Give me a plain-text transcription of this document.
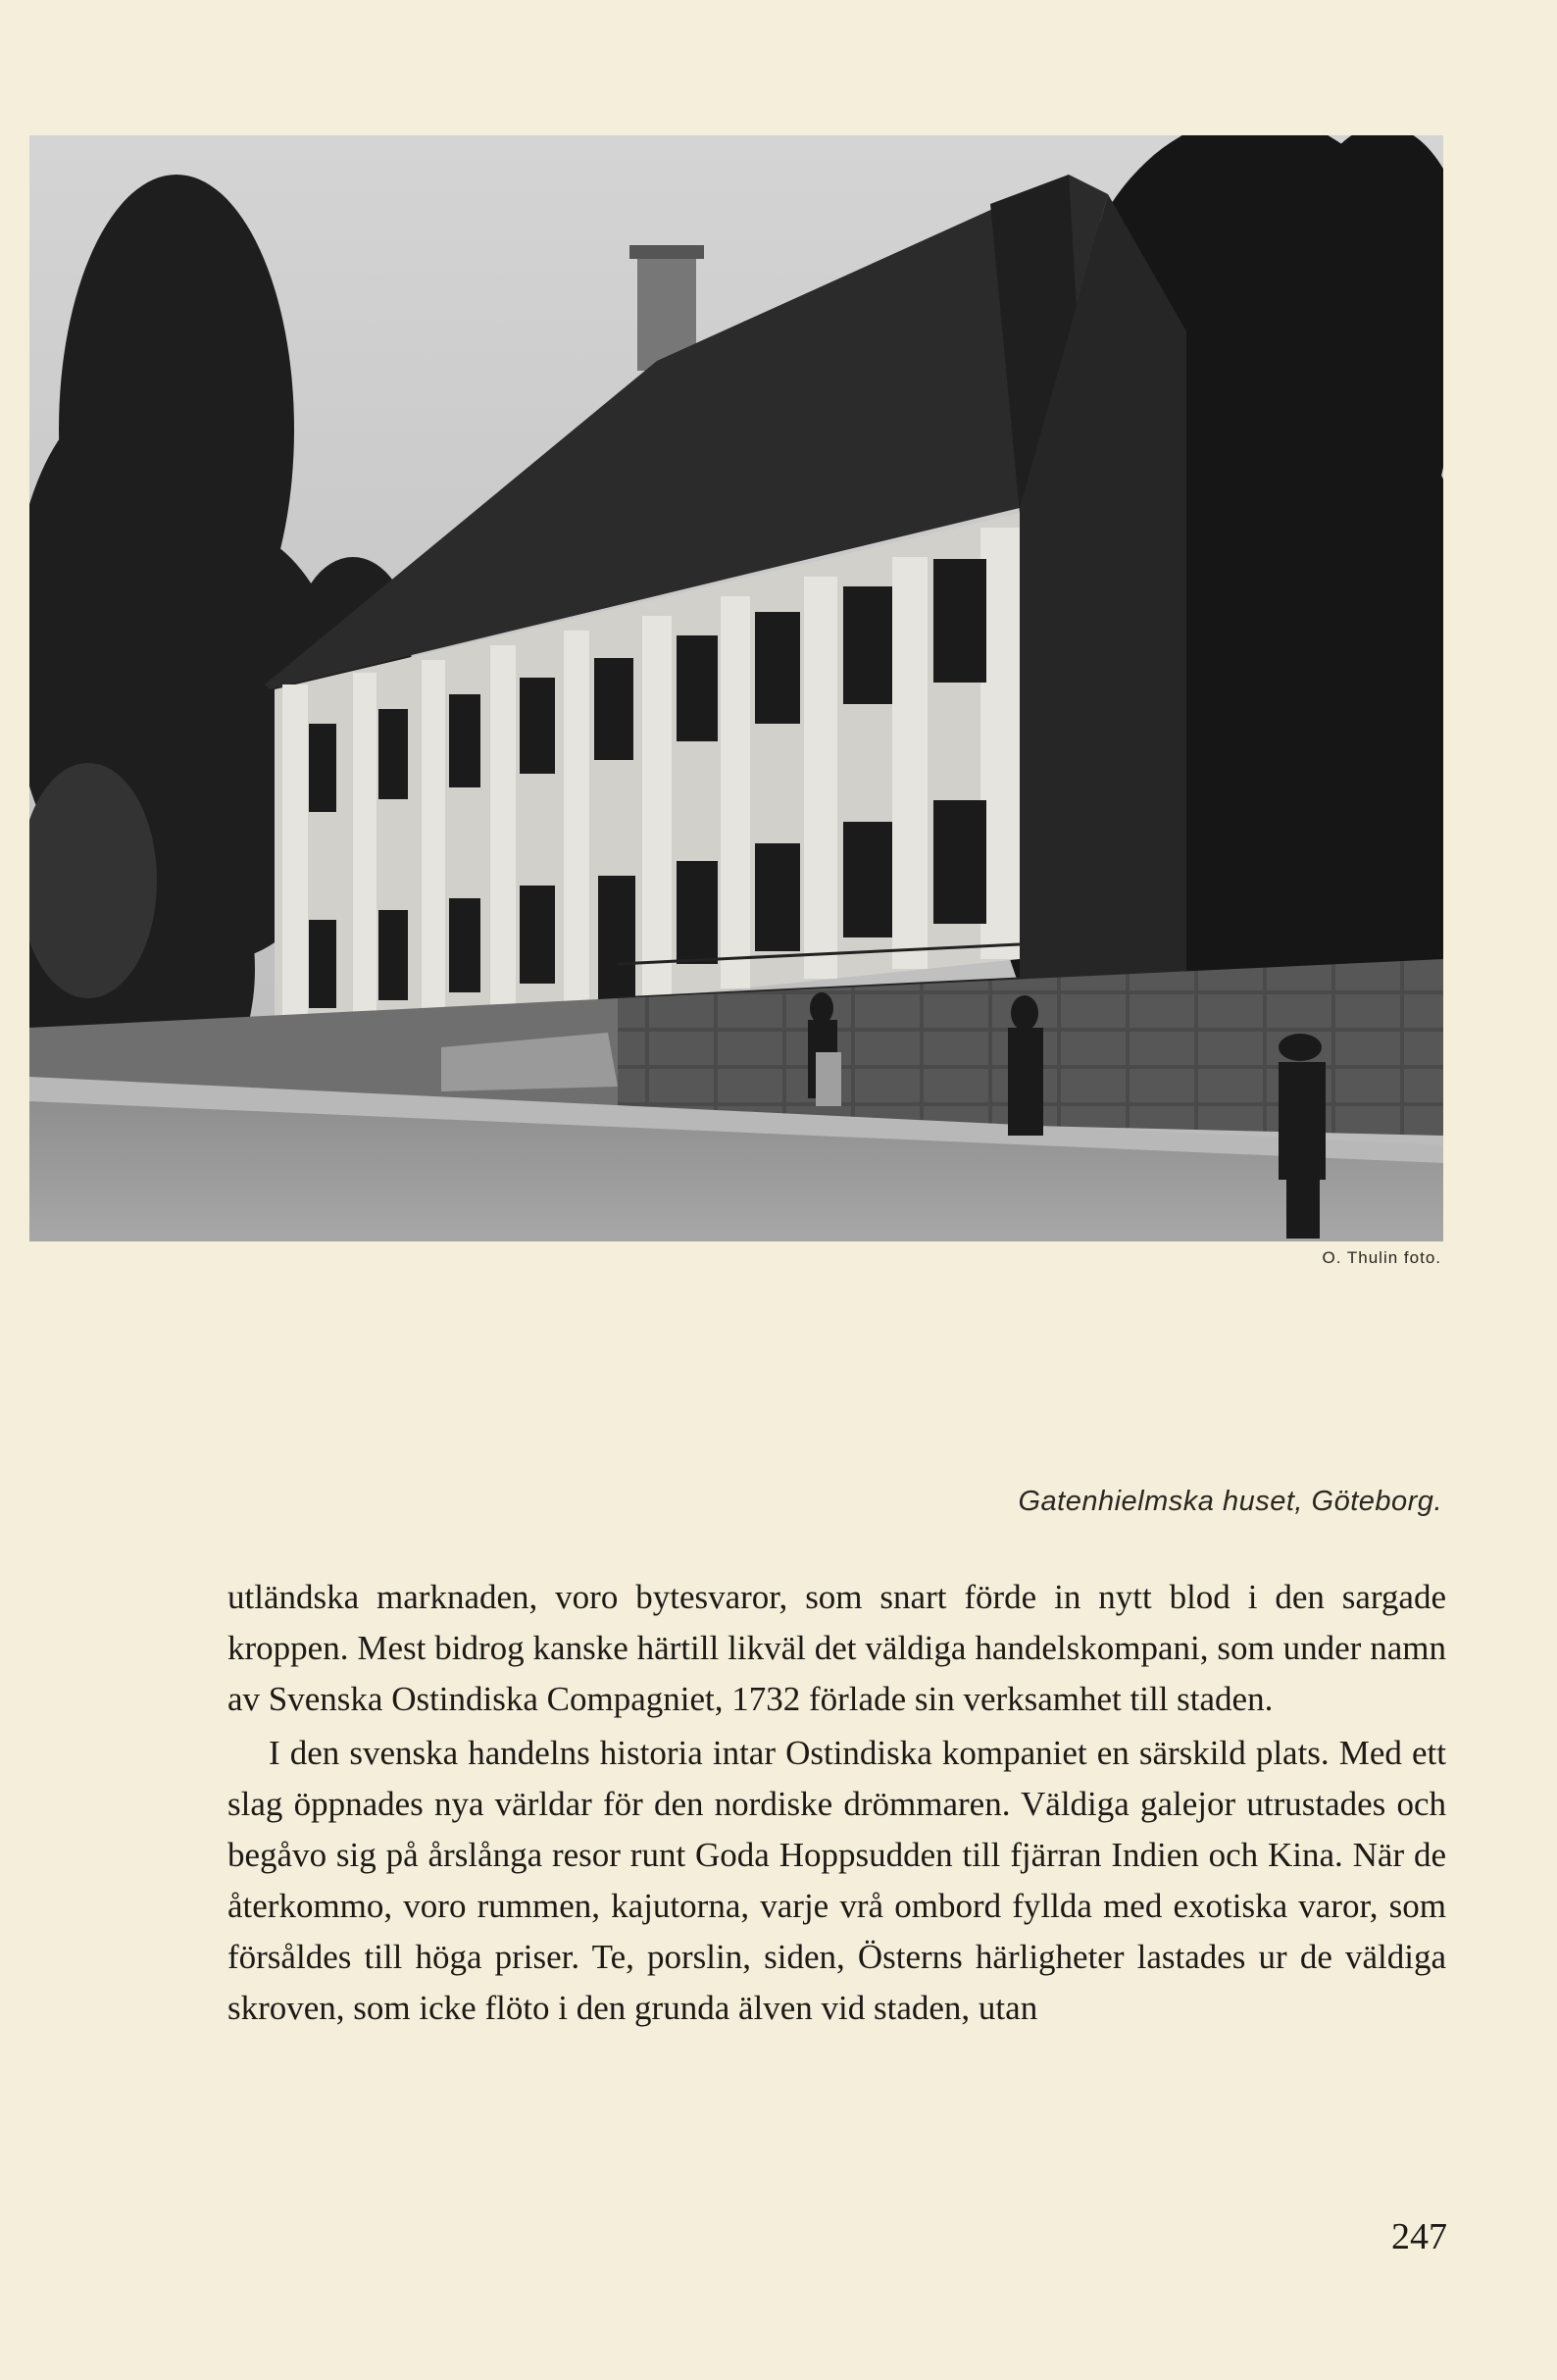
O. Thulin foto.
Gatenhielmska huset, Göteborg.

utländska marknaden, voro bytesvaror, som snart förde in nytt blod i den sargade kroppen. Mest bidrog kanske härtill likväl det väldiga handelskompani, som under namn av Svenska Ostindiska Compagniet, 1732 förlade sin verksamhet till staden.

I den svenska handelns historia intar Ostindiska kompaniet en särskild plats. Med ett slag öppnades nya världar för den nordiske drömmaren. Väldiga galejor utrustades och begåvo sig på årslånga resor runt Goda Hoppsudden till fjärran Indien och Kina. När de återkommo, voro rummen, kajutorna, varje vrå ombord fyllda med exotiska varor, som försåldes till höga priser. Te, porslin, siden, Österns härligheter lastades ur de väldiga skroven, som icke flöto i den grunda älven vid staden, utan

247
